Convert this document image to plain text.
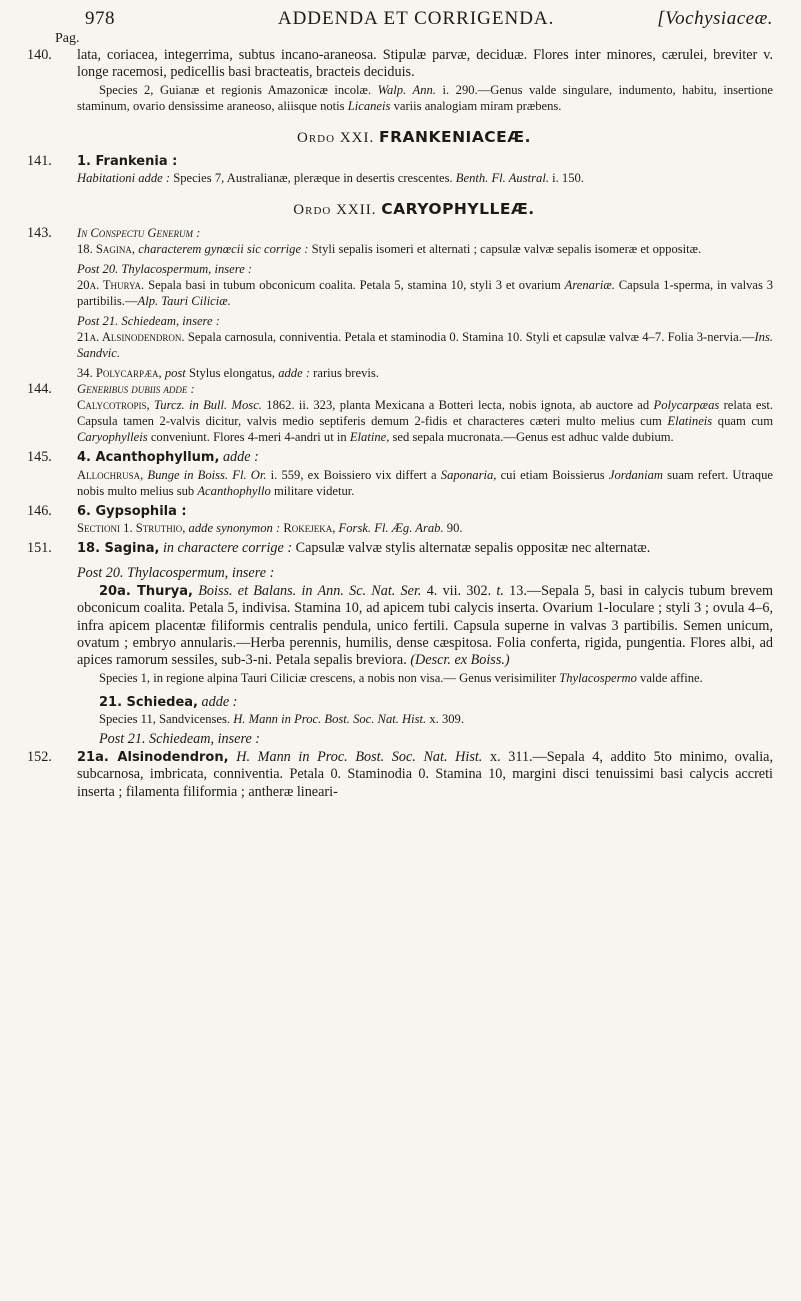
978	ADDENDA ET CORRIGENDA.	[Vochysiaceæ.
Pag.
140.	lata, coriacea, integerrima, subtus incano-araneosa. Stipulæ parvæ, deciduæ. Flores inter minores, cærulei, breviter v. longe racemosi, pedicellis basi bracteatis, bracteis deciduis.

Species 2, Guianæ et regionis Amazonicæ incolæ. Walp. Ann. i. 290.—Genus valde singulare, indumento, habitu, insertione staminum, ovario densissime araneoso, aliisque notis Licaneis variis analogiam miram præbens.

Ordo XXI. FRANKENIACEÆ.
141. 1. Frankenia :

Habitationi adde : Species 7, Australianæ, pleræque in desertis crescentes. Benth. Fl. Austral. i. 150.

Ordo XXII. CARYOPHYLLEÆ.
143. In Conspectu Generum :

18. Sagina, characterem gynœcii sic corrige : Styli sepalis isomeri et alternati ; capsulæ valvæ sepalis isomeræ et oppositæ.

Post 20. Thylacospermum, insere :

20a. Thurya. Sepala basi in tubum obconicum coalita. Petala 5, stamina 10, styli 3 et ovarium Arenariæ. Capsula 1-sperma, in valvas 3 partibilis.—Alp. Tauri Ciliciæ.

Post 21. Schiedeam, insere :

21a. Alsinodendron. Sepala carnosula, conniventia. Petala et staminodia 0. Stamina 10. Styli et capsulæ valvæ 4–7. Folia 3-nervia.—Ins. Sandvic.

34. Polycarpæa, post Stylus elongatus, adde : rarius brevis.

144. Generibus dubiis adde :

Calycotropis, Turcz. in Bull. Mosc. 1862. ii. 323, planta Mexicana a Botteri lecta, nobis ignota, ab auctore ad Polycarpæas relata est. Capsula tamen 2-valvis dicitur, valvis medio septiferis demum 2-fidis et characteres cæteri multo melius cum Elatineis quam cum Caryophylleis conveniunt. Flores 4-meri 4-andri ut in Elatine, sed sepala mucronata.—Genus est adhuc valde dubium.

145. 4. Acanthophyllum, adde :

Allochrusa, Bunge in Boiss. Fl. Or. i. 559, ex Boissiero vix differt a Saponaria, cui etiam Boissierus Jordaniam suam refert. Utraque nobis multo melius sub Acanthophyllo militare videtur.

146. 6. Gypsophila :

Sectioni 1. Struthio, adde synonymon : Rokejeka, Forsk. Fl. Æg. Arab. 90.

151. 18. Sagina, in charactere corrige : Capsulæ valvæ stylis alternatæ sepalis oppositæ nec alternatæ.

Post 20. Thylacospermum, insere :

20a. Thurya, Boiss. et Balans. in Ann. Sc. Nat. Ser. 4. vii. 302. t. 13.—Sepala 5, basi in calycis tubum brevem obconicum coalita. Petala 5, indivisa. Stamina 10, ad apicem tubi calycis inserta. Ovarium 1-loculare ; styli 3 ; ovula 4–6, infra apicem placentæ filiformis centralis pendula, unico fertili. Capsula superne in valvas 3 partibilis. Semen unicum, ovatum ; embryo annularis.—Herba perennis, humilis, dense cæspitosa. Folia conferta, rigida, pungentia. Flores albi, ad apices ramorum sessiles, sub-3-ni. Petala sepalis breviora. (Descr. ex Boiss.)

Species 1, in regione alpina Tauri Ciliciæ crescens, a nobis non visa.— Genus verisimiliter Thylacospermo valde affine.

21. Schiedea, adde :

Species 11, Sandvicenses. H. Mann in Proc. Bost. Soc. Nat. Hist. x. 309.

Post 21. Schiedeam, insere :

152. 21a. Alsinodendron, H. Mann in Proc. Bost. Soc. Nat. Hist. x. 311.—Sepala 4, addito 5to minimo, ovalia, subcarnosa, imbricata, conniventia. Petala 0. Staminodia 0. Stamina 10, margini disci tenuissimi basi calycis accreti inserta ; filamenta filiformia ; antheræ lineari-
